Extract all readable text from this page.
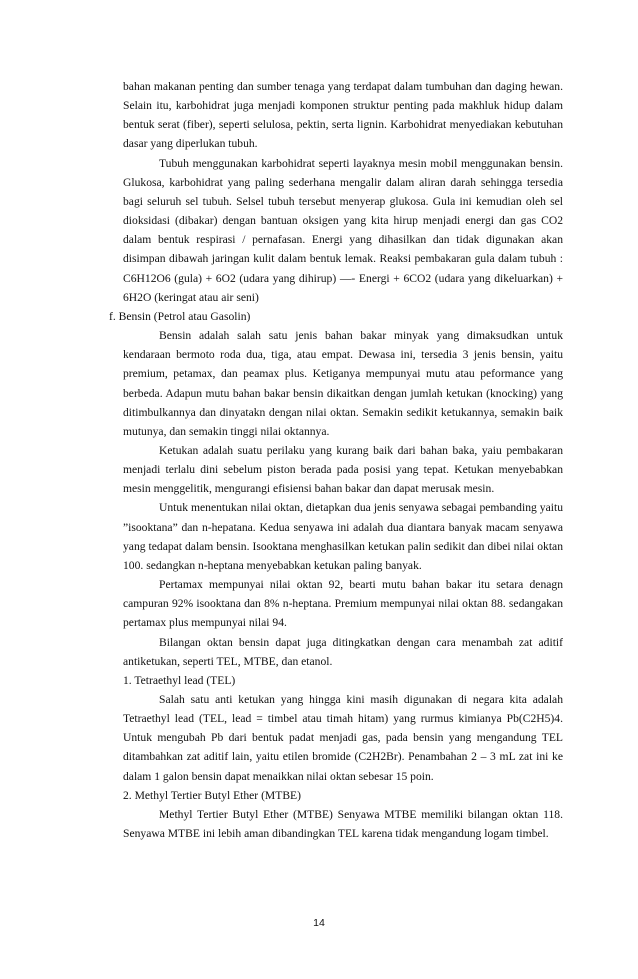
bahan makanan penting dan sumber tenaga yang terdapat dalam tumbuhan dan daging hewan. Selain itu, karbohidrat juga menjadi komponen struktur penting pada makhluk hidup dalam bentuk serat (fiber), seperti selulosa, pektin, serta lignin. Karbohidrat menyediakan kebutuhan dasar yang diperlukan tubuh.

Tubuh menggunakan karbohidrat seperti layaknya mesin mobil menggunakan bensin. Glukosa, karbohidrat yang paling sederhana mengalir dalam aliran darah sehingga tersedia bagi seluruh sel tubuh. Selsel tubuh tersebut menyerap glukosa. Gula ini kemudian oleh sel dioksidasi (dibakar) dengan bantuan oksigen yang kita hirup menjadi energi dan gas CO2 dalam bentuk respirasi / pernafasan. Energi yang dihasilkan dan tidak digunakan akan disimpan dibawah jaringan kulit dalam bentuk lemak. Reaksi pembakaran gula dalam tubuh : C6H12O6 (gula) + 6O2 (udara yang dihirup) —- Energi + 6CO2 (udara yang dikeluarkan) + 6H2O (keringat atau air seni)

f. Bensin (Petrol atau Gasolin)

Bensin adalah salah satu jenis bahan bakar minyak yang dimaksudkan untuk kendaraan bermoto roda dua, tiga, atau empat. Dewasa ini, tersedia 3 jenis bensin, yaitu premium, petamax, dan peamax plus. Ketiganya mempunyai mutu atau peformance yang berbeda. Adapun mutu bahan bakar bensin dikaitkan dengan jumlah ketukan (knocking) yang ditimbulkannya dan dinyatakn dengan nilai oktan. Semakin sedikit ketukannya, semakin baik mutunya, dan semakin tinggi nilai oktannya.

Ketukan adalah suatu perilaku yang kurang baik dari bahan baka, yaiu pembakaran menjadi terlalu dini sebelum piston berada pada posisi yang tepat. Ketukan menyebabkan mesin menggelitik, mengurangi efisiensi bahan bakar dan dapat merusak mesin.

Untuk menentukan nilai oktan, dietapkan dua jenis senyawa sebagai pembanding yaitu ”isooktana” dan n-hepatana. Kedua senyawa ini adalah dua diantara banyak macam senyawa yang tedapat dalam bensin. Isooktana menghasilkan ketukan palin sedikit dan dibei nilai oktan 100. sedangkan n-heptana menyebabkan ketukan paling banyak.

Pertamax mempunyai nilai oktan 92, bearti mutu bahan bakar itu setara denagn campuran 92% isooktana dan 8% n-heptana. Premium mempunyai nilai oktan 88. sedangakan pertamax plus mempunyai nilai 94.

Bilangan oktan bensin dapat juga ditingkatkan dengan cara menambah zat aditif antiketukan, seperti TEL, MTBE, dan etanol.

1. Tetraethyl lead (TEL)

Salah satu anti ketukan yang hingga kini masih digunakan di negara kita adalah Tetraethyl lead (TEL, lead = timbel atau timah hitam) yang rurmus kimianya Pb(C2H5)4. Untuk mengubah Pb dari bentuk padat menjadi gas, pada bensin yang mengandung TEL ditambahkan zat aditif lain, yaitu etilen bromide (C2H2Br). Penambahan 2 – 3 mL zat ini ke dalam 1 galon bensin dapat menaikkan nilai oktan sebesar 15 poin.

2. Methyl Tertier Butyl Ether (MTBE)

Methyl Tertier Butyl Ether (MTBE) Senyawa MTBE memiliki bilangan oktan 118. Senyawa MTBE ini lebih aman dibandingkan TEL karena tidak mengandung logam timbel.

14
